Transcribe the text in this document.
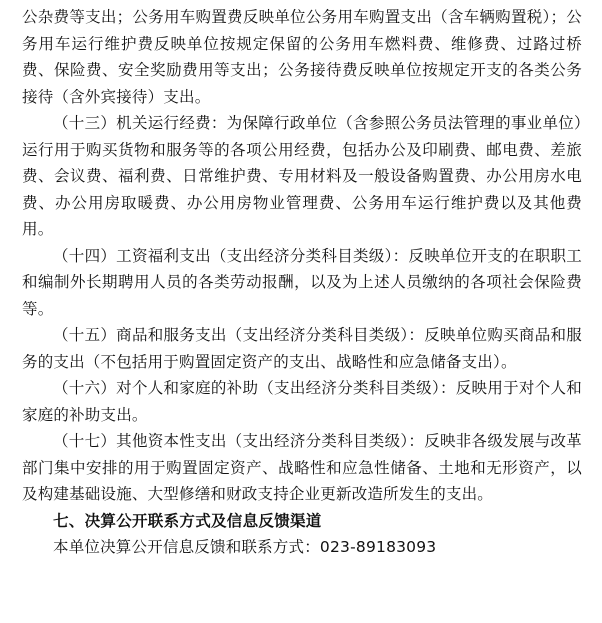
公杂费等支出；公务用车购置费反映单位公务用车购置支出（含车辆购置税）；公务用车运行维护费反映单位按规定保留的公务用车燃料费、维修费、过路过桥费、保险费、安全奖励费用等支出；公务接待费反映单位按规定开支的各类公务接待（含外宾接待）支出。

（十三）机关运行经费：为保障行政单位（含参照公务员法管理的事业单位）运行用于购买货物和服务等的各项公用经费，包括办公及印刷费、邮电费、差旅费、会议费、福利费、日常维护费、专用材料及一般设备购置费、办公用房水电费、办公用房取暖费、办公用房物业管理费、公务用车运行维护费以及其他费用。

（十四）工资福利支出（支出经济分类科目类级）：反映单位开支的在职职工和编制外长期聘用人员的各类劳动报酬，以及为上述人员缴纳的各项社会保险费等。

（十五）商品和服务支出（支出经济分类科目类级）：反映单位购买商品和服务的支出（不包括用于购置固定资产的支出、战略性和应急储备支出）。

（十六）对个人和家庭的补助（支出经济分类科目类级）：反映用于对个人和家庭的补助支出。

（十七）其他资本性支出（支出经济分类科目类级）：反映非各级发展与改革部门集中安排的用于购置固定资产、战略性和应急性储备、土地和无形资产，以及构建基础设施、大型修缮和财政支持企业更新改造所发生的支出。

七、决算公开联系方式及信息反馈渠道

本单位决算公开信息反馈和联系方式：023-89183093
